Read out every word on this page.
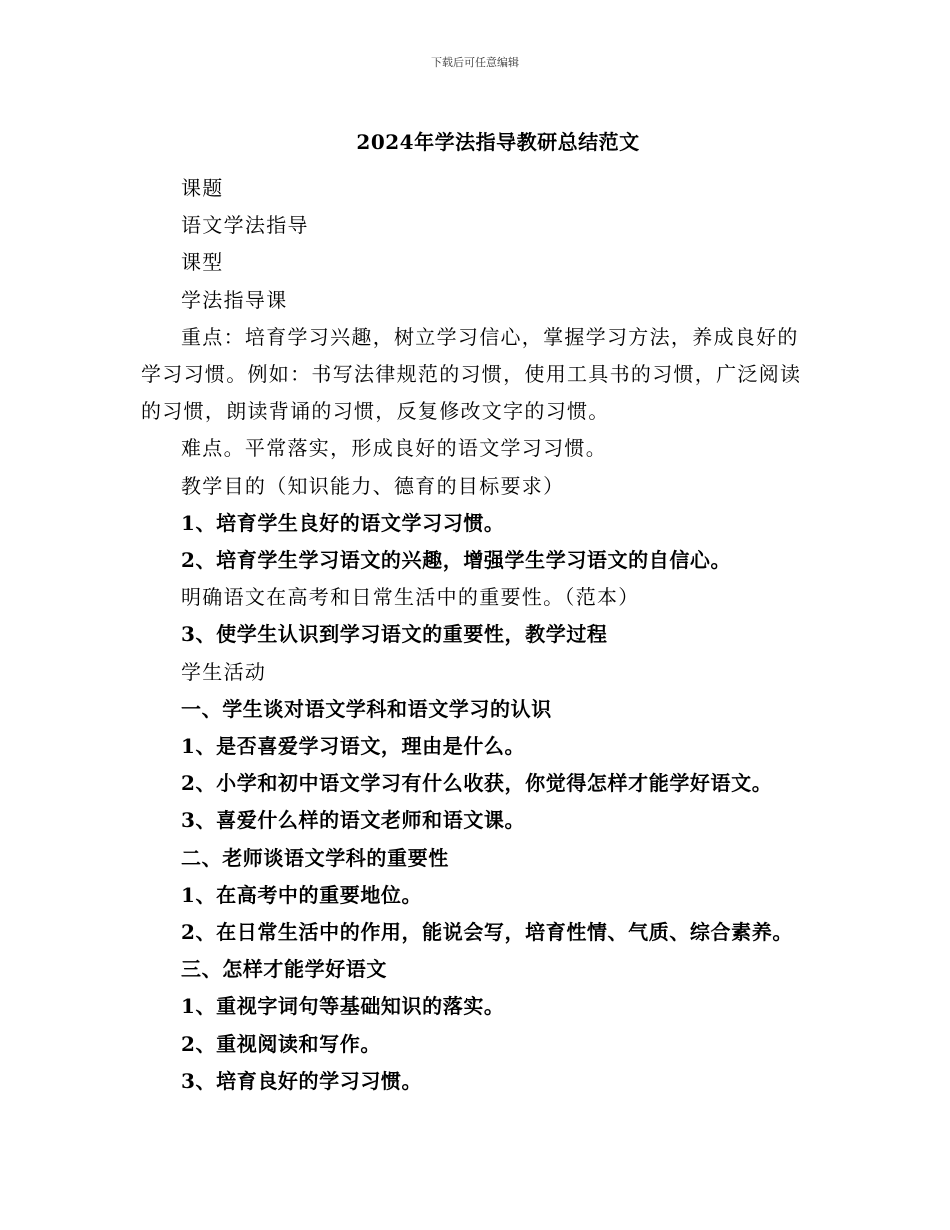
下载后可任意编辑
2024年学法指导教研总结范文

课题

语文学法指导

课型

学法指导课

重点：培育学习兴趣，树立学习信心，掌握学习方法，养成良好的学习习惯。例如：书写法律规范的习惯，使用工具书的习惯，广泛阅读的习惯，朗读背诵的习惯，反复修改文字的习惯。

难点。平常落实，形成良好的语文学习习惯。

教学目的（知识能力、德育的目标要求）

1、培育学生良好的语文学习习惯。

2、培育学生学习语文的兴趣，增强学生学习语文的自信心。

明确语文在高考和日常生活中的重要性。（范本）

3、使学生认识到学习语文的重要性，教学过程

学生活动

一、学生谈对语文学科和语文学习的认识

1、是否喜爱学习语文，理由是什么。

2、小学和初中语文学习有什么收获，你觉得怎样才能学好语文。

3、喜爱什么样的语文老师和语文课。

二、老师谈语文学科的重要性

1、在高考中的重要地位。

2、在日常生活中的作用，能说会写，培育性情、气质、综合素养。

三、怎样才能学好语文

1、重视字词句等基础知识的落实。

2、重视阅读和写作。

3、培育良好的学习习惯。
